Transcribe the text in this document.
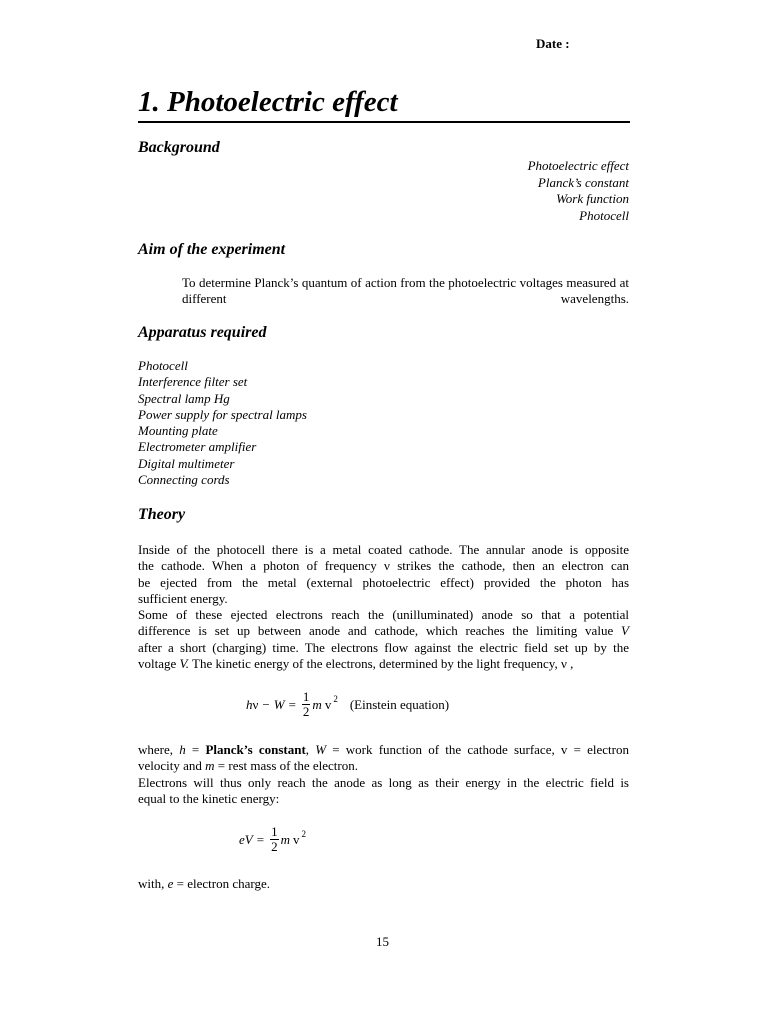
Date :
1. Photoelectric effect
Background
Photoelectric effect
Planck’s constant
Work function
Photocell
Aim of the experiment
To determine Planck’s quantum of action from the photoelectric voltages measured at different wavelengths.
Apparatus required
Photocell
Interference filter set
Spectral lamp Hg
Power supply for spectral lamps
Mounting plate
Electrometer amplifier
Digital multimeter
Connecting cords
Theory
Inside of the photocell there is a metal coated cathode. The annular anode is opposite
the cathode. When a photon of frequency ν strikes the cathode, then an electron can
be ejected from the metal (external photoelectric effect) provided the photon has
sufficient energy.
Some of these ejected electrons reach the (unilluminated) anode so that a potential
difference is set up between anode and cathode, which reaches the limiting value V
after a short (charging) time. The electrons flow against the electric field set up by the
voltage V. The kinetic energy of the electrons, determined by the light frequency, ν ,
h $\nu - W = \frac{1}{2}$ m v 2 (Einstein equation)
where, h = Planck’s constant, W = work function of the cathode surface, v = electron
velocity and m = rest mass of the electron.
Electrons will thus only reach the anode as long as their energy in the electric field is
equal to the kinetic energy:
eV = $\frac{1}{2}$ m v 2
with, e = electron charge.
15
